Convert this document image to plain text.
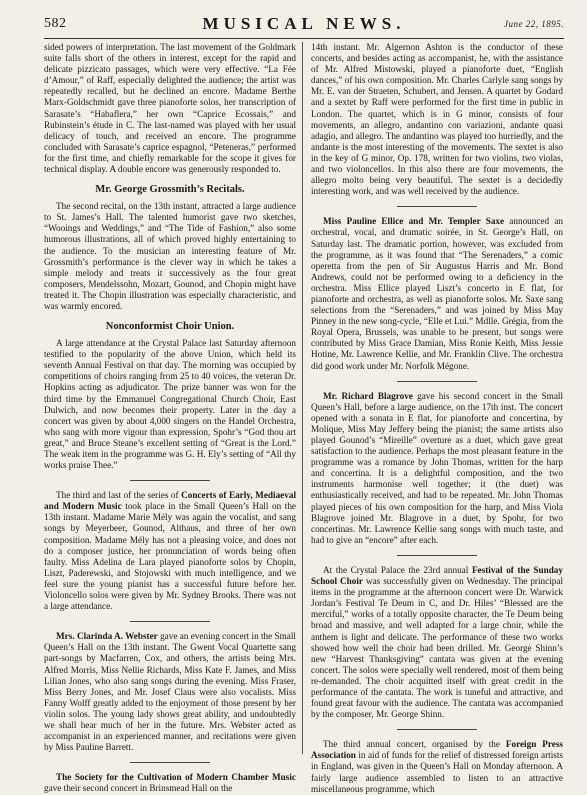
582	MUSICAL NEWS.	June 22, 1895.

sided powers of interpretation. The last movement of the Goldmark suite falls short of the others in interest, except for the rapid and delicate pizzicato passages, which were very effective. “La Fée d’Amour,” of Raff, especially delighted the audience; the artist was repeatedly recalled, but he declined an encore. Madame Berthe Marx-Goldschmidt gave three pianoforte solos, her transcription of Sarasate’s “Habaflera,” her own “Caprice Ecossais,” and Rubinstein’s étude in C. The last-named was played with her usual delicacy of touch, and received an encore. The programme concluded with Sarasate’s caprice espagnol, “Peteneras,” performed for the first time, and chiefly remarkable for the scope it gives for technical display. A double encore was generously responded to.

Mr. George Grossmith’s Recitals.

The second recital, on the 13th instant, attracted a large audience to St. James’s Hall. The talented humorist gave two sketches, “Wooings and Weddings,” and “The Tide of Fashion,” also some humorous illustrations, all of which proved highly entertaining to the audience. To the musician an interesting feature of Mr. Grossmith’s performance is the clever way in which he takes a simple melody and treats it successively as the four great composers, Mendelssohn, Mozart, Gounod, and Chopin might have treated it. The Chopin illustration was especially characteristic, and was warmly encored.

Nonconformist Choir Union.

A large attendance at the Crystal Palace last Saturday afternoon testified to the popularity of the above Union, which held its seventh Annual Festival on that day. The morning was occupied by competitions of choirs ranging from 25 to 40 voices, the veteran Dr. Hopkins acting as adjudicator. The prize banner was won for the third time by the Emmanuel Congregational Church Choir, East Dulwich, and now becomes their property. Later in the day a concert was given by about 4,000 singers on the Handel Orchestra, who sang with more vigour than expression, Spohr’s “God thou art great,” and Bruce Steane’s excellent setting of “Great is the Lord.” The weak item in the programme was G. H. Ely’s setting of “All thy works praise Thee.”

The third and last of the series of Concerts of Early, Mediaeval and Modern Music took place in the Small Queen’s Hall on the 13th instant. Madame Marie Mély was again the vocalist, and sang songs by Meyerbeer, Gounod, Althaus, and three of her own composition. Madame Mély has not a pleasing voice, and does not do a composer justice, her pronunciation of words being often faulty. Miss Adelina de Lara played pianoforte solos by Chopin, Liszt, Paderewski, and Stojowski with much intelligence, and we feel sure the young pianist has a successful future before her. Violoncello solos were given by Mr. Sydney Brooks. There was not a large attendance.

Mrs. Clarinda A. Webster gave an evening concert in the Small Queen’s Hall on the 13th instant. The Gwent Vocal Quartette sang part-songs by Macfarren, Cox, and others, the artists being Mrs. Alfred Morris, Miss Nellie Richards, Miss Kate F. James, and Miss Lilian Jones, who also sang songs during the evening. Miss Fraser, Miss Berry Jones, and Mr. Josef Claus were also vocalists. Miss Fanny Wolff greatly added to the enjoyment of those present by her violin solos. The young lady shows great ability, and undoubtedly we shall hear much of her in the future. Mrs. Webster acted as accompanist in an experienced manner, and recitations were given by Miss Pauline Barrett.

The Society for the Cultivation of Modern Chamber Music gave their second concert in Brinsmead Hall on the

14th instant. Mr. Algernon Ashton is the conductor of these concerts, and besides acting as accompanist, he, with the assistance of Mr. Alfred Mistowski, played a pianoforte duet, “English dances,” of his own composition. Mr. Charles Carlyle sang songs by Mr. E. van der Straeten, Schubert, and Jensen. A quartet by Godard and a sextet by Raff were performed for the first time in public in London. The quartet, which is in G minor, consists of four movements, an allegro, andantino con variazioni, andante quasi adagio, and allegro. The andantino was played too hurriedly, and the andante is the most interesting of the movements. The sextet is also in the key of G minor, Op. 178, written for two violins, two violas, and two violoncellos. In this also there are four movements, the allegro molto being very beautiful. The sextet is a decidedly interesting work, and was well received by the audience.

Miss Pauline Ellice and Mr. Templer Saxe announced an orchestral, vocal, and dramatic soirée, in St. George’s Hall, on Saturday last. The dramatic portion, however, was excluded from the programme, as it was found that “The Serenaders,” a comic operetta from the pen of Sir Augustus Harris and Mr. Bond Andrews, could not be performed owing to a deficiency in the orchestra. Miss Ellice played Liszt’s concerto in E flat, for pianoforte and orchestra, as well as pianoforte solos. Mr. Saxe sang selections from the “Serenaders,” and was joined by Miss May Pinney in the new song-cycle, “Elle et Lui.” Mdlle. Grégia, from the Royal Opera, Brussels, was unable to be present, but songs were contributed by Miss Grace Damian, Miss Ronie Keith, Miss Jessie Hotine, Mr. Lawrence Kellie, and Mr. Franklin Clive. The orchestra did good work under Mr. Norfolk Mégone.

Mr. Richard Blagrove gave his second concert in the Small Queen’s Hall, before a large audience, on the 17th inst. The concert opened with a sonata in E flat, for pianoforte and concertina, by Molique, Miss May Jeffery being the pianist; the same artists also played Gounod’s “Mireille” overture as a duet, which gave great satisfaction to the audience. Perhaps the most pleasant feature in the programme was a romance by John Thomas, written for the harp and concertina. It is a delightful composition, and the two instruments harmonise well together; it (the duet) was enthusiastically received, and had to be repeated. Mr. John Thomas played pieces of his own composition for the harp, and Miss Viola Blagrove joined Mr. Blagrove in a duet, by Spohr, for two concertinas. Mr. Lawrence Kellie sang songs with much taste, and had to give an “encore” after each.

At the Crystal Palace the 23rd annual Festival of the Sunday School Choir was successfully given on Wednesday. The principal items in the programme at the afternoon concert were Dr. Warwick Jordan’s Festival Te Deum in C, and Dr. Hiles’ “Blessed are the merciful,” works of a totally opposite character, the Te Deum being broad and massive, and well adapted for a large choir, while the anthem is light and delicate. The performance of these two works showed how well the choir had been drilled. Mr. George Shinn’s new “Harvest Thanksgiving” cantata was given at the evening concert. The solos were specially well rendered, most of them being re-demanded. The choir acquitted itself with great credit in the performance of the cantata. The work is tuneful and attractive, and found great favour with the audience. The cantata was accompanied by the composer, Mr. George Shinn.

The third annual concert, organised by the Foreign Press Association in aid of funds for the relief of distressed foreign artists in England, was given in the Queen’s Hall on Monday afternoon. A fairly large audience assembled to listen to an attractive miscellaneous programme, which
